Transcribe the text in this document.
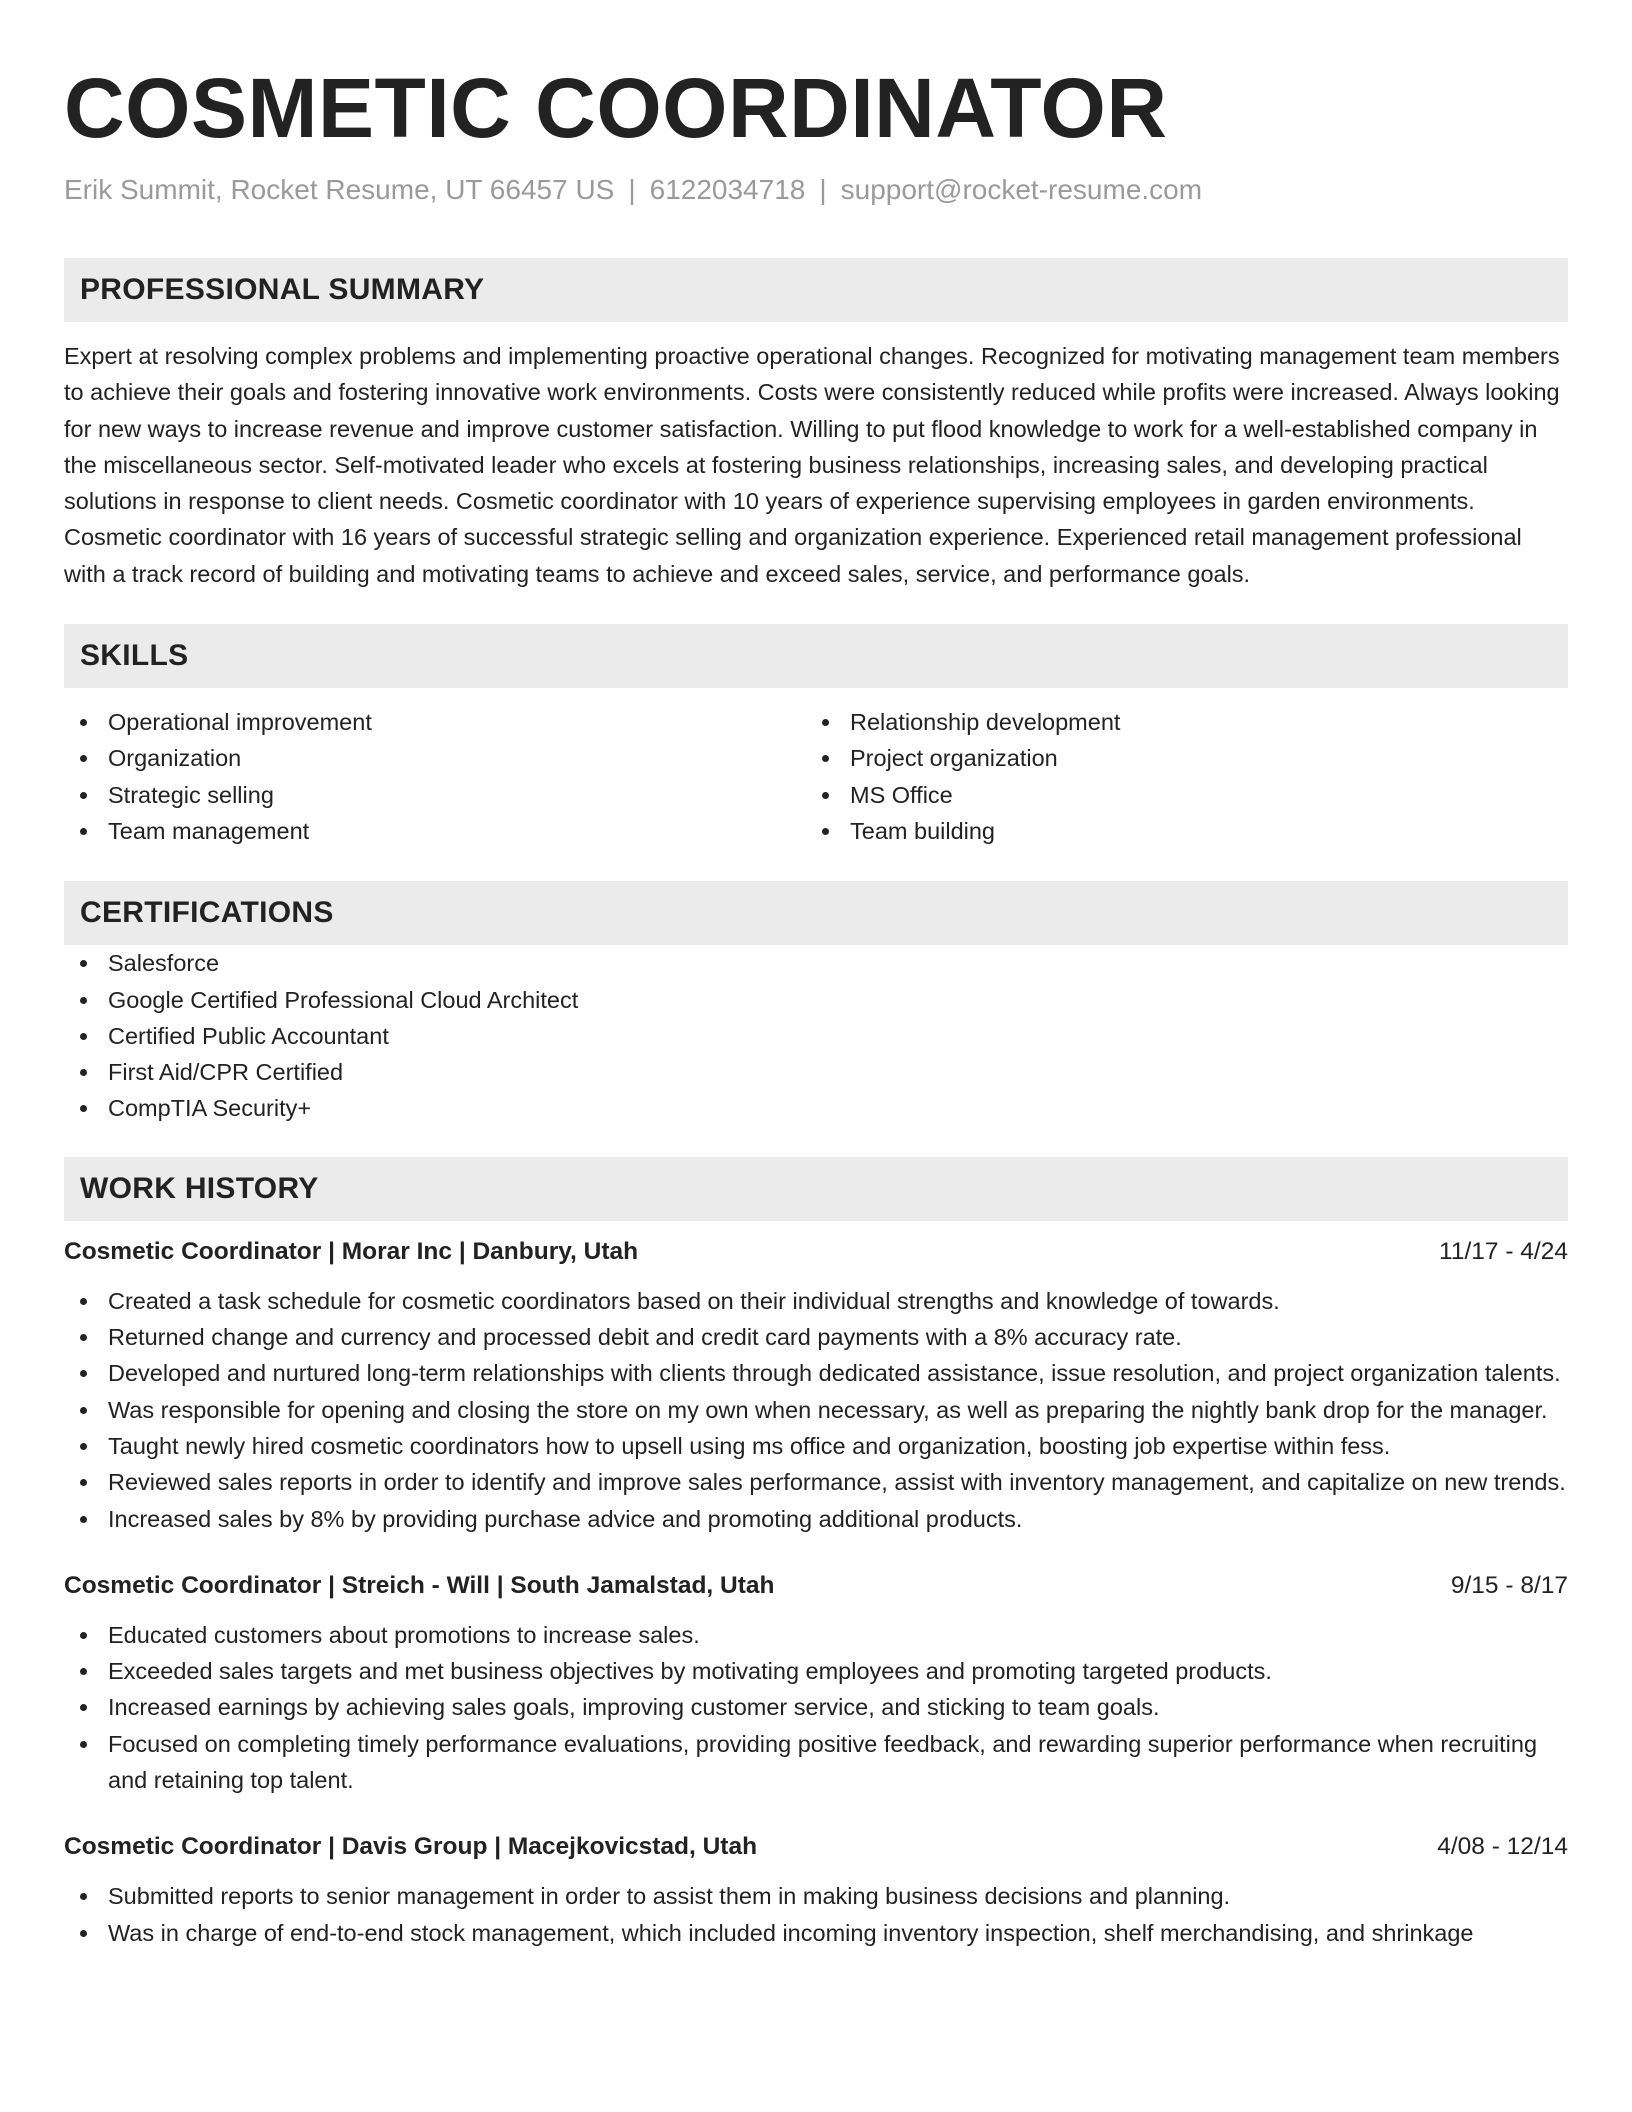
COSMETIC COORDINATOR
Erik Summit, Rocket Resume, UT 66457 US | 6122034718 | support@rocket-resume.com
PROFESSIONAL SUMMARY

Expert at resolving complex problems and implementing proactive operational changes. Recognized for motivating management team members to achieve their goals and fostering innovative work environments. Costs were consistently reduced while profits were increased. Always looking for new ways to increase revenue and improve customer satisfaction. Willing to put flood knowledge to work for a well-established company in the miscellaneous sector. Self-motivated leader who excels at fostering business relationships, increasing sales, and developing practical solutions in response to client needs. Cosmetic coordinator with 10 years of experience supervising employees in garden environments. Cosmetic coordinator with 16 years of successful strategic selling and organization experience. Experienced retail management professional with a track record of building and motivating teams to achieve and exceed sales, service, and performance goals.

SKILLS
Operational improvement
Organization
Strategic selling
Team management
Relationship development
Project organization
MS Office
Team building
CERTIFICATIONS
Salesforce
Google Certified Professional Cloud Architect
Certified Public Accountant
First Aid/CPR Certified
CompTIA Security+
WORK HISTORY
Cosmetic Coordinator | Morar Inc | Danbury, Utah	11/17 - 4/24
Created a task schedule for cosmetic coordinators based on their individual strengths and knowledge of towards.
Returned change and currency and processed debit and credit card payments with a 8% accuracy rate.
Developed and nurtured long-term relationships with clients through dedicated assistance, issue resolution, and project organization talents.
Was responsible for opening and closing the store on my own when necessary, as well as preparing the nightly bank drop for the manager.
Taught newly hired cosmetic coordinators how to upsell using ms office and organization, boosting job expertise within fess.
Reviewed sales reports in order to identify and improve sales performance, assist with inventory management, and capitalize on new trends.
Increased sales by 8% by providing purchase advice and promoting additional products.
Cosmetic Coordinator | Streich - Will | South Jamalstad, Utah	9/15 - 8/17
Educated customers about promotions to increase sales.
Exceeded sales targets and met business objectives by motivating employees and promoting targeted products.
Increased earnings by achieving sales goals, improving customer service, and sticking to team goals.
Focused on completing timely performance evaluations, providing positive feedback, and rewarding superior performance when recruiting and retaining top talent.
Cosmetic Coordinator | Davis Group | Macejkovicstad, Utah	4/08 - 12/14
Submitted reports to senior management in order to assist them in making business decisions and planning.
Was in charge of end-to-end stock management, which included incoming inventory inspection, shelf merchandising, and shrinkage
